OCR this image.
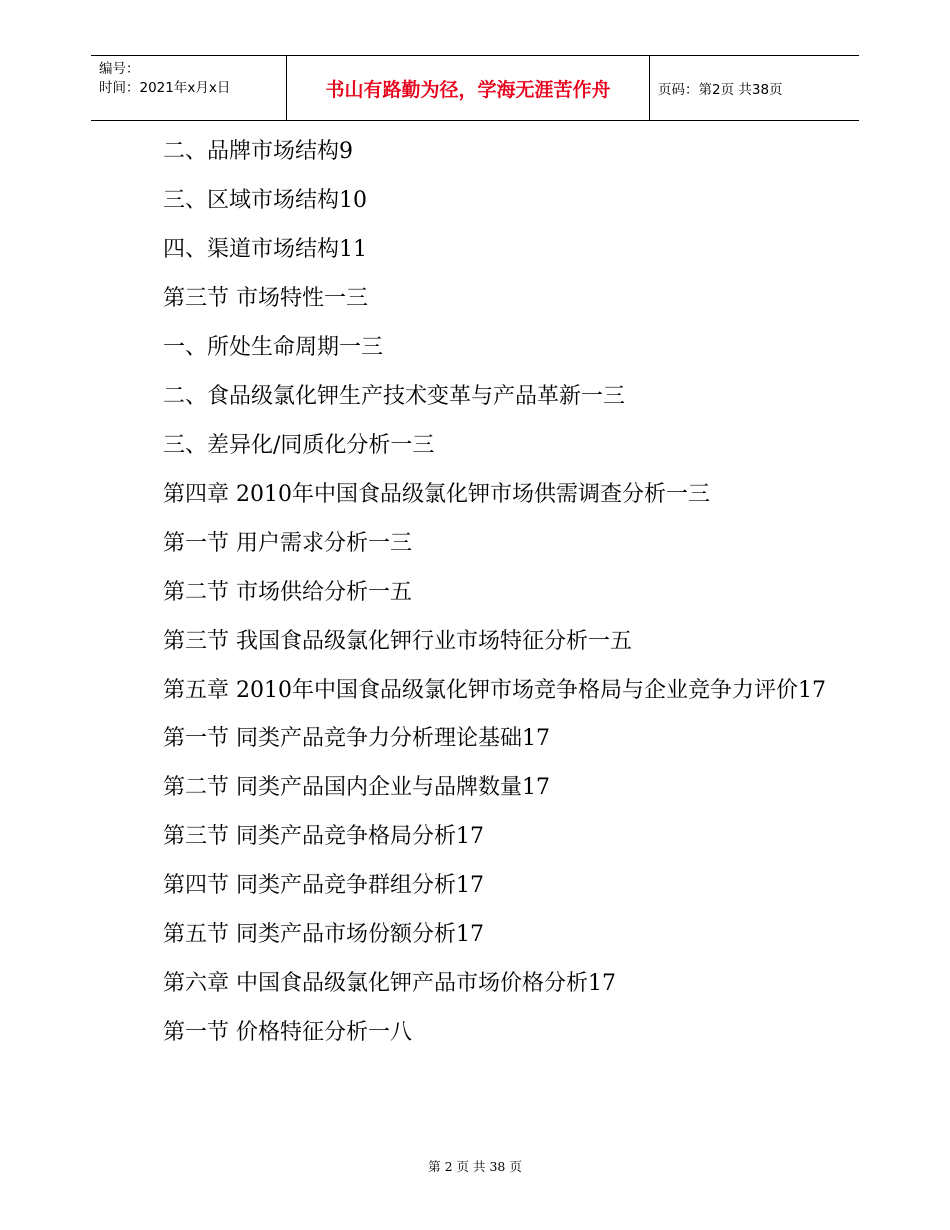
编号：
时间：2021年x月x日	书山有路勤为径，学海无涯苦作舟	页码：第2页 共38页
二、品牌市场结构9
三、区域市场结构10
四、渠道市场结构11
第三节 市场特性一三
一、所处生命周期一三
二、食品级氯化钾生产技术变革与产品革新一三
三、差异化/同质化分析一三
第四章 2010年中国食品级氯化钾市场供需调查分析一三
第一节 用户需求分析一三
第二节 市场供给分析一五
第三节 我国食品级氯化钾行业市场特征分析一五
第五章 2010年中国食品级氯化钾市场竞争格局与企业竞争力评价17
第一节 同类产品竞争力分析理论基础17
第二节 同类产品国内企业与品牌数量17
第三节 同类产品竞争格局分析17
第四节 同类产品竞争群组分析17
第五节 同类产品市场份额分析17
第六章 中国食品级氯化钾产品市场价格分析17
第一节 价格特征分析一八
第 2 页 共 38 页
